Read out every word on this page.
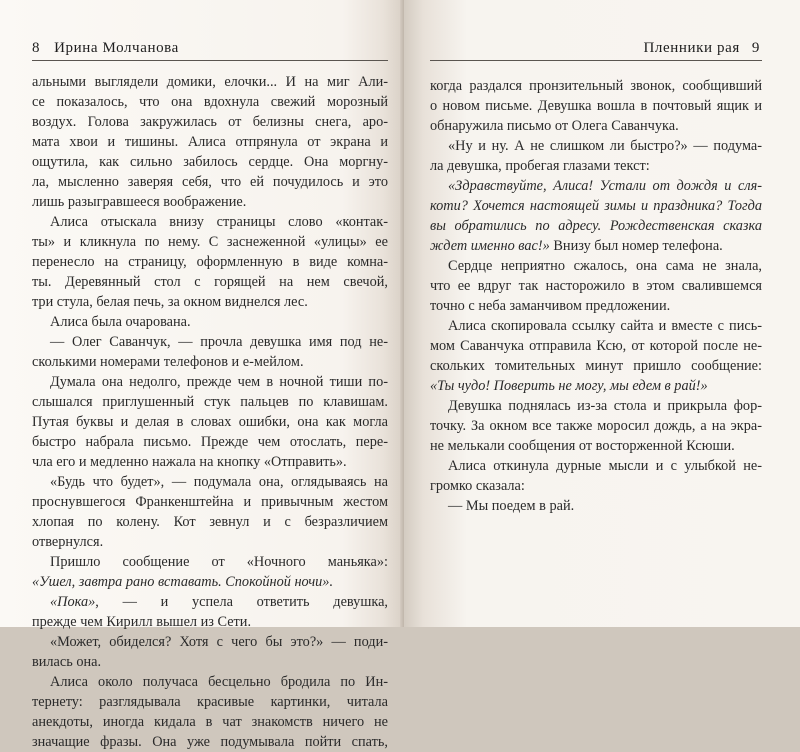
8 Ирина Молчанова
альными выглядели домики, елочки... И на миг Али-
се показалось, что она вдохнула свежий морозный
воздух. Голова закружилась от белизны снега, аро-
мата хвои и тишины. Алиса отпрянула от экрана и
ощутила, как сильно забилось сердце. Она моргну-
ла, мысленно заверяя себя, что ей почудилось и это
лишь разыгравшееся воображение.
Алиса отыскала внизу страницы слово «контак-
ты» и кликнула по нему. С заснеженной «улицы» ее
перенесло на страницу, оформленную в виде комна-
ты. Деревянный стол с горящей на нем свечой,
три стула, белая печь, за окном виднелся лес.
Алиса была очарована.
— Олег Саванчук, — прочла девушка имя под не-
сколькими номерами телефонов и е-мейлом.
Думала она недолго, прежде чем в ночной тиши по-
слышался приглушенный стук пальцев по клавишам.
Путая буквы и делая в словах ошибки, она как могла
быстро набрала письмо. Прежде чем отослать, пере-
чла его и медленно нажала на кнопку «Отправить».
«Будь что будет», — подумала она, оглядываясь на
проснувшегося Франкенштейна и привычным жестом
хлопая по колену. Кот зевнул и с безразличием
отвернулся.
Пришло сообщение от «Ночного маньяка»:
«Ушел, завтра рано вставать. Спокойной ночи».
«Пока», — и успела ответить девушка,
прежде чем Кирилл вышел из Сети.
«Может, обиделся? Хотя с чего бы это?» — поди-
вилась она.
Алиса около получаса бесцельно бродила по Ин-
тернету: разглядывала красивые картинки, читала
анекдоты, иногда кидала в чат знакомств ничего не
значащие фразы. Она уже подумывала пойти спать,
Пленники рая 9
когда раздался пронзительный звонок, сообщивший
о новом письме. Девушка вошла в почтовый ящик и
обнаружила письмо от Олега Саванчука.
«Ну и ну. А не слишком ли быстро?» — подума-
ла девушка, пробегая глазами текст:
«Здравствуйте, Алиса! Устали от дождя и сля-
коти? Хочется настоящей зимы и праздника? Тогда
вы обратились по адресу. Рождественская сказка
ждет именно вас!» Внизу был номер телефона.
Сердце неприятно сжалось, она сама не знала,
что ее вдруг так насторожило в этом свалившемся
точно с неба заманчивом предложении.
Алиса скопировала ссылку сайта и вместе с пись-
мом Саванчука отправила Ксю, от которой после не-
скольких томительных минут пришло сообщение:
«Ты чудо! Поверить не могу, мы едем в рай!»
Девушка поднялась из-за стола и прикрыла фор-
точку. За окном все также моросил дождь, а на экра-
не мелькали сообщения от восторженной Ксюши.
Алиса откинула дурные мысли и с улыбкой не-
громко сказала:
— Мы поедем в рай.
